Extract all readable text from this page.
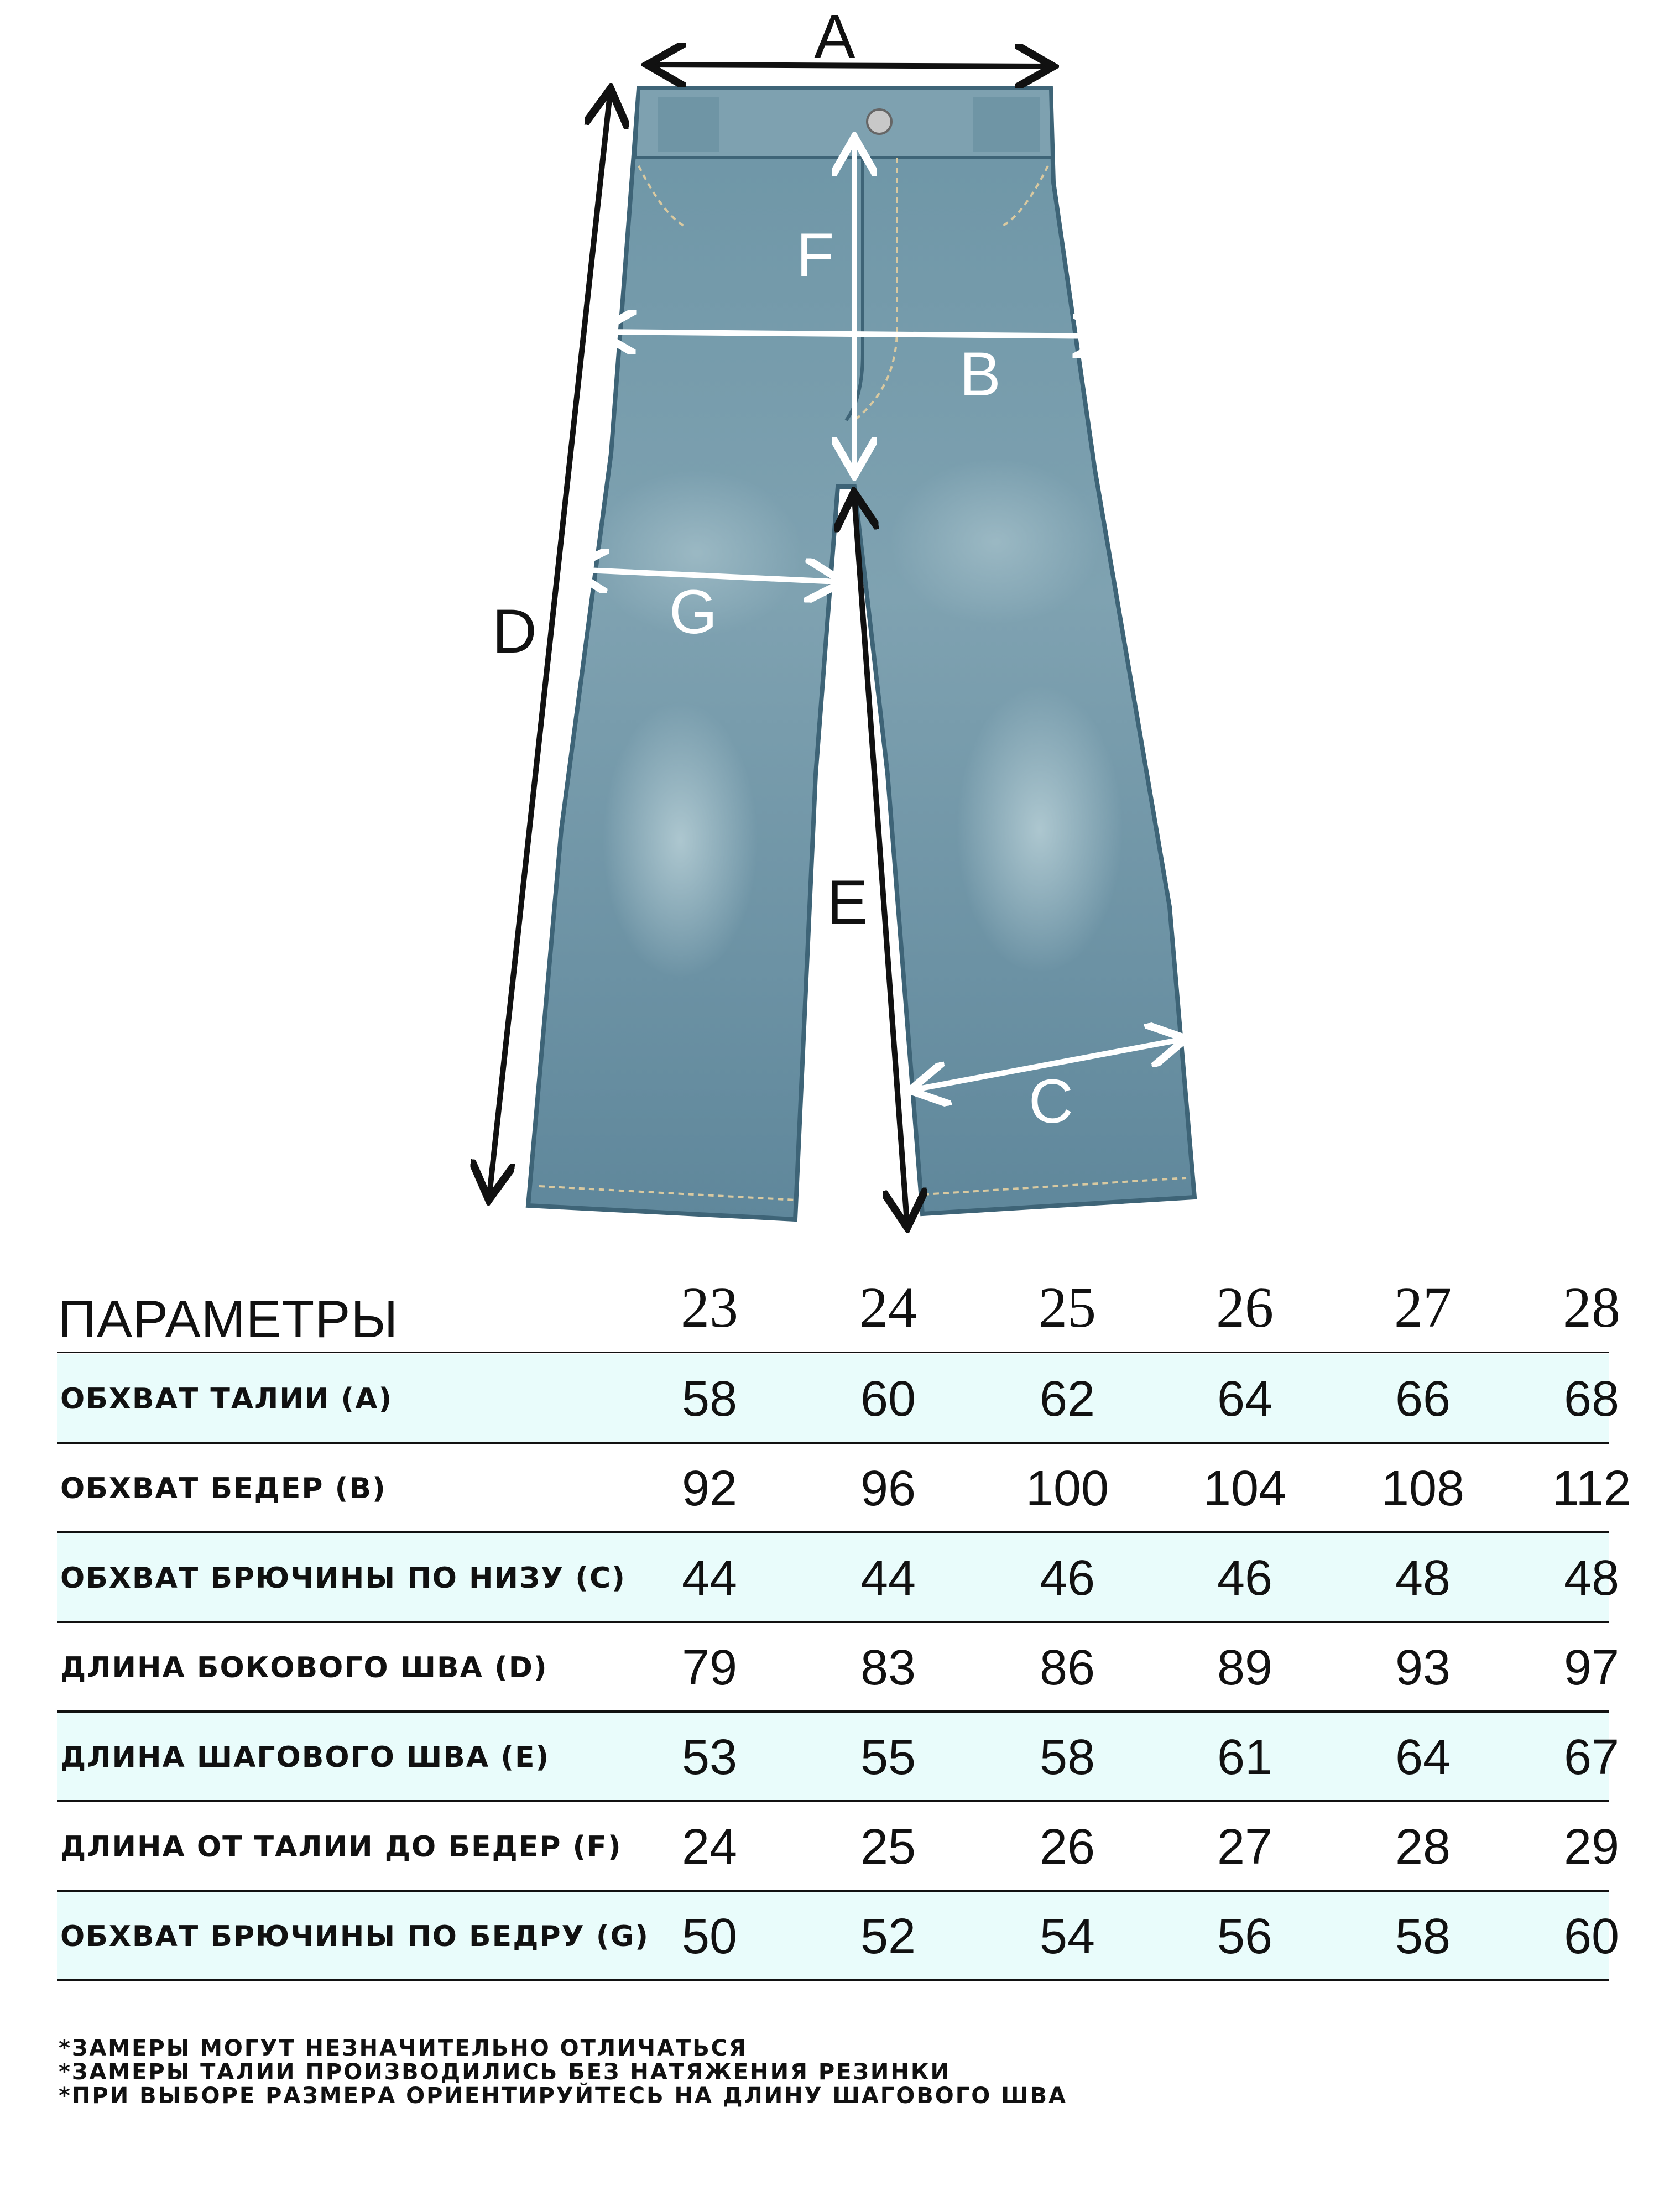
A
B
C
D
E
F
G
ПАРАМЕТРЫ	23	24	25	26	27	28
ОБХВАТ ТАЛИИ (А)	58	60	62	64	66	68
ОБХВАТ БЕДЕР (В)	92	96	100	104	108	112
ОБХВАТ БРЮЧИНЫ ПО НИЗУ (С)	44	44	46	46	48	48
ДЛИНА БОКОВОГО ШВА (D)	79	83	86	89	93	97
ДЛИНА ШАГОВОГО ШВА (Е)	53	55	58	61	64	67
ДЛИНА ОТ ТАЛИИ ДО БЕДЕР (F)	24	25	26	27	28	29
ОБХВАТ БРЮЧИНЫ ПО БЕДРУ (G) 50	52	54	56	58	60
*ЗАМЕРЫ МОГУТ НЕЗНАЧИТЕЛЬНО ОТЛИЧАТЬСЯ
*ЗАМЕРЫ ТАЛИИ ПРОИЗВОДИЛИСЬ БЕЗ НАТЯЖЕНИЯ РЕЗИНКИ
*ПРИ ВЫБОРЕ РАЗМЕРА ОРИЕНТИРУЙТЕСЬ НА ДЛИНУ ШАГОВОГО ШВА
